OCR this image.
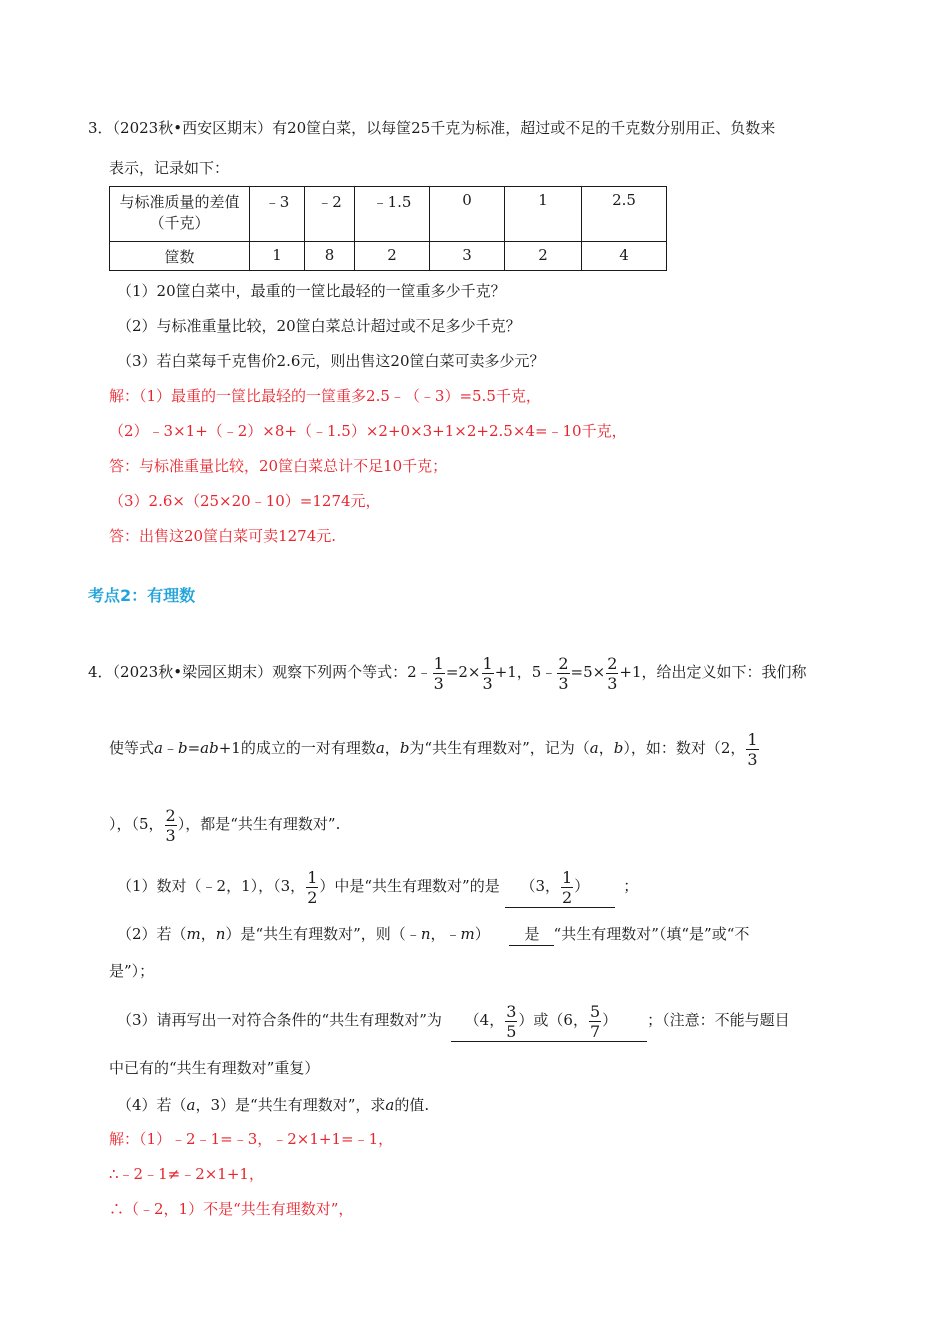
3．（2023秋•西安区期末）有20筐白菜，以每筐25千克为标准，超过或不足的千克数分别用正、负数来
表示，记录如下：
与标准质量的差值
（千克）	﹣3	﹣2	﹣1.5	0	1	2.5
筐数	1	8	2	3	2	4
（1）20筐白菜中，最重的一筐比最轻的一筐重多少千克？
（2）与标准重量比较，20筐白菜总计超过或不足多少千克？
（3）若白菜每千克售价2.6元，则出售这20筐白菜可卖多少元？
解：（1）最重的一筐比最轻的一筐重多2.5﹣（﹣3）=5.5千克，
（2）﹣3×1+（﹣2）×8+（﹣1.5）×2+0×3+1×2+2.5×4=﹣10千克，
答：与标准重量比较，20筐白菜总计不足10千克；
（3）2.6×（25×20﹣10）=1274元，
答：出售这20筐白菜可卖1274元.
考点2：有理数
4．（2023秋•梁园区期末）观察下列两个等式：2﹣ $\frac{1}{3} =2\times \frac{1}{3} +1$，5﹣ $\frac{2}{3} =5\times \frac{2}{3} +1$，给出定义如下：我们称
使等式a﹣b=ab+1的成立的一对有理数a，b为“共生有理数对”，记为（a，b），如：数对（2， $\frac{1}{3}$
），（5， $\frac{2}{3}$ ），都是“共生有理数对”.
（1）数对（﹣2，1），（3， $\frac{1}{2}$ ）中是“共生有理数对”的是 （3， $\frac{1}{2}$ ） ；
（2）若（m，n）是“共生有理数对”，则（﹣n，﹣m） 是 “共生有理数对”（填“是”或“不
是”）；
（3）请再写出一对符合条件的“共生有理数对”为 （4， $\frac{3}{5}$ ）或（6， $\frac{5}{7}$ ） ；（注意：不能与题目
中已有的“共生有理数对”重复）
（4）若（a，3）是“共生有理数对”，求a的值.
解：（1）﹣2﹣1=﹣3，﹣2×1+1=﹣1，
∴﹣2﹣1≠﹣2×1+1，
∴（﹣2，1）不是“共生有理数对”，
